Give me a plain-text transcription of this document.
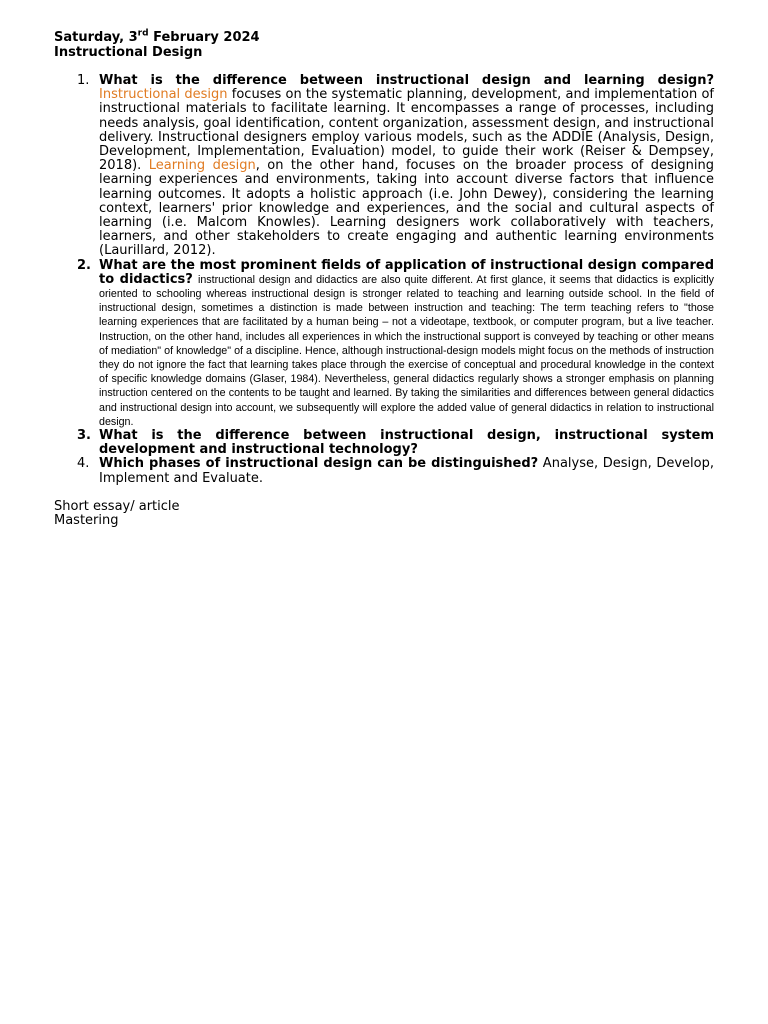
Saturday, 3rd February 2024

Instructional Design

What is the difference between instructional design and learning design? Instructional design focuses on the systematic planning, development, and implementation of instructional materials to facilitate learning. It encompasses a range of processes, including needs analysis, goal identification, content organization, assessment design, and instructional delivery. Instructional designers employ various models, such as the ADDIE (Analysis, Design, Development, Implementation, Evaluation) model, to guide their work (Reiser & Dempsey, 2018). Learning design, on the other hand, focuses on the broader process of designing learning experiences and environments, taking into account diverse factors that influence learning outcomes. It adopts a holistic approach (i.e. John Dewey), considering the learning context, learners' prior knowledge and experiences, and the social and cultural aspects of learning (i.e. Malcom Knowles). Learning designers work collaboratively with teachers, learners, and other stakeholders to create engaging and authentic learning environments (Laurillard, 2012).
What are the most prominent fields of application of instructional design compared to didactics? instructional design and didactics are also quite different. At first glance, it seems that didactics is explicitly oriented to schooling whereas instructional design is stronger related to teaching and learning outside school. In the field of instructional design, sometimes a distinction is made between instruction and teaching: The term teaching refers to "those learning experiences that are facilitated by a human being – not a videotape, textbook, or computer program, but a live teacher. Instruction, on the other hand, includes all experiences in which the instructional support is conveyed by teaching or other means of mediation" of knowledge" of a discipline. Hence, although instructional-design models might focus on the methods of instruction they do not ignore the fact that learning takes place through the exercise of conceptual and procedural knowledge in the context of specific knowledge domains (Glaser, 1984). Nevertheless, general didactics regularly shows a stronger emphasis on planning instruction centered on the contents to be taught and learned. By taking the similarities and differences between general didactics and instructional design into account, we subsequently will explore the added value of general didactics in relation to instructional design.
What is the difference between instructional design, instructional system development and instructional technology?
Which phases of instructional design can be distinguished? Analyse, Design, Develop, Implement and Evaluate.

Short essay/ article

Mastering
